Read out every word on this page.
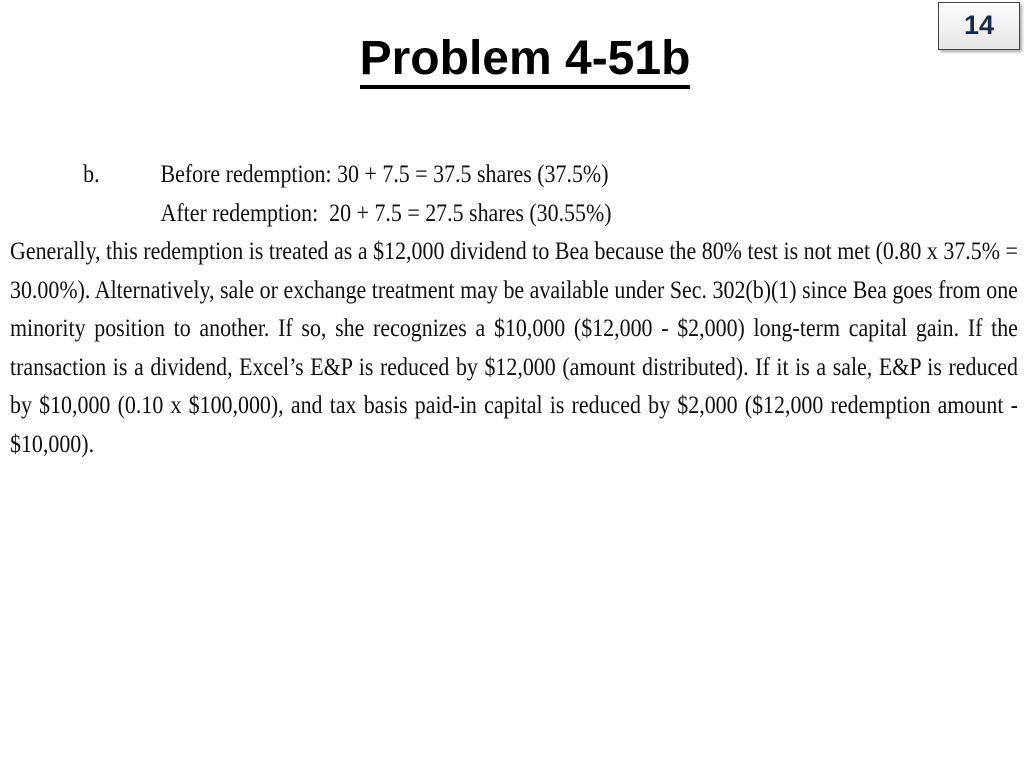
Problem 4-51b
14
b. Before redemption: 30 + 7.5 = 37.5 shares (37.5%)
After redemption:  20 + 7.5 = 27.5 shares (30.55%)

Generally, this redemption is treated as a $12,000 dividend to Bea because the 80% test is not met (0.80 x 37.5% = 30.00%). Alternatively, sale or exchange treatment may be available under Sec. 302(b)(1) since Bea goes from one minority position to another. If so, she recognizes a $10,000 ($12,000 - $2,000) long-term capital gain. If the transaction is a dividend, Excel’s E&P is reduced by $12,000 (amount distributed). If it is a sale, E&P is reduced by $10,000 (0.10 x $100,000), and tax basis paid-in capital is reduced by $2,000 ($12,000 redemption amount - $10,000).
